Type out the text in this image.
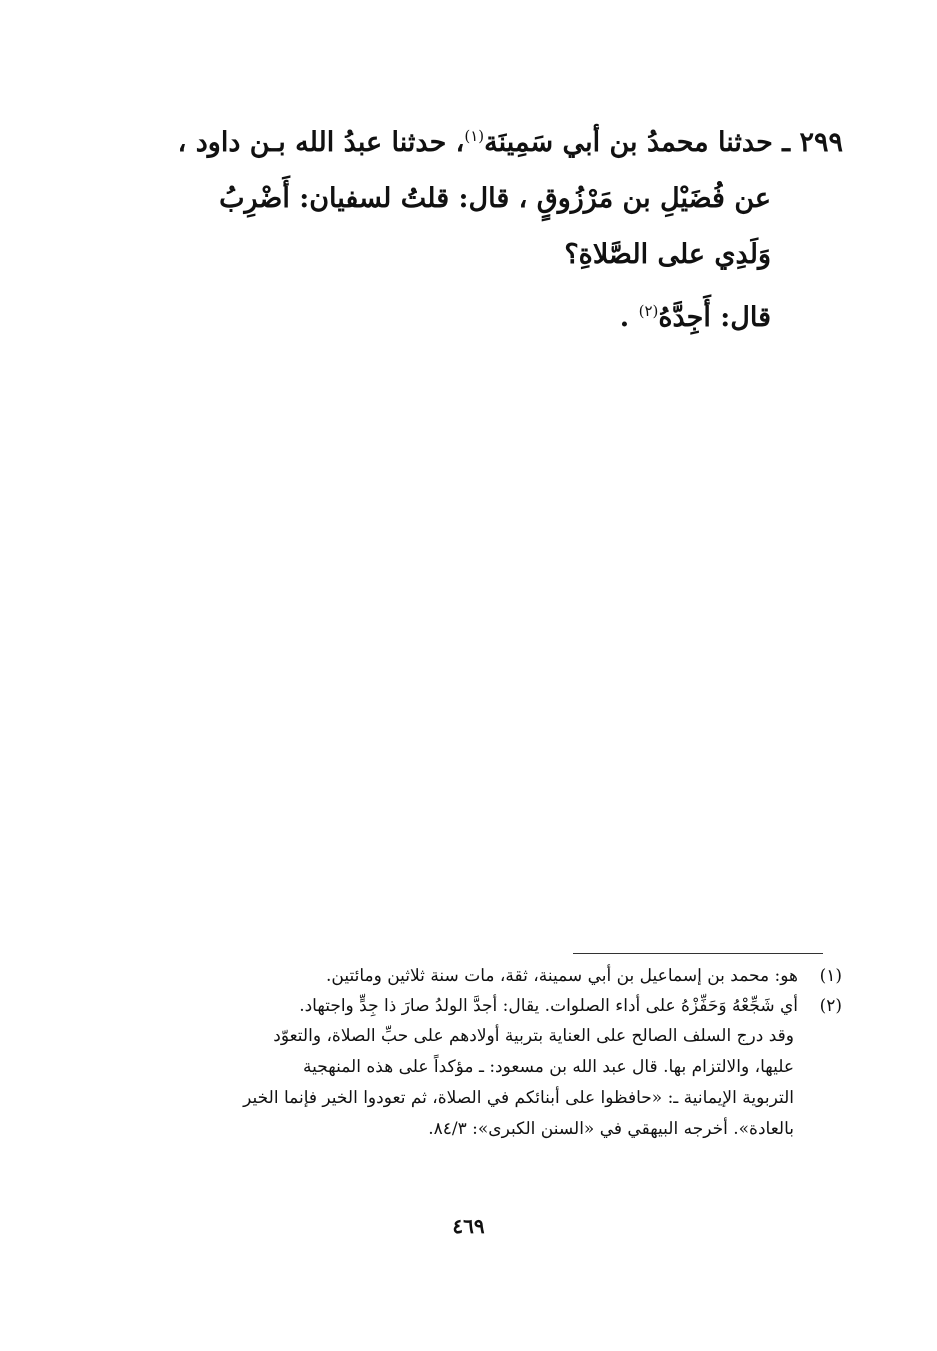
٢٩٩ ـ حدثنا محمدُ بن أبي سَمِينَة$^{(١)}$، حدثنا عبدُ الله بـن داود ،

عن فُضَيْلِ بن مَرْزُوقٍ ، قال: قلتُ لسفيان: أَضْرِبُ

وَلَدِي على الصَّلاةِ؟

قال: أَجِدَّهُ$^{(٢)}$ .

(١)هو: محمد بن إسماعيل بن أبي سمينة، ثقة، مات سنة ثلاثين ومائتين.

(٢)أي شَجِّعْهُ وَحَفِّزْهُ على أداء الصلوات. يقال: أجدَّ الولدُ صارَ ذا جِدٍّ واجتهاد.

وقد درج السلف الصالح على العناية بتربية أولادهم على حبِّ الصلاة، والتعوّد

عليها، والالتزام بها. قال عبد الله بن مسعود: ـ مؤكداً على هذه المنهجية

التربوية الإيمانية ـ: «حافظوا على أبنائكم في الصلاة، ثم تعودوا الخير فإنما الخير

بالعادة». أخرجه البيهقي في «السنن الكبرى»: ٨٤/٣.

٤٦٩
